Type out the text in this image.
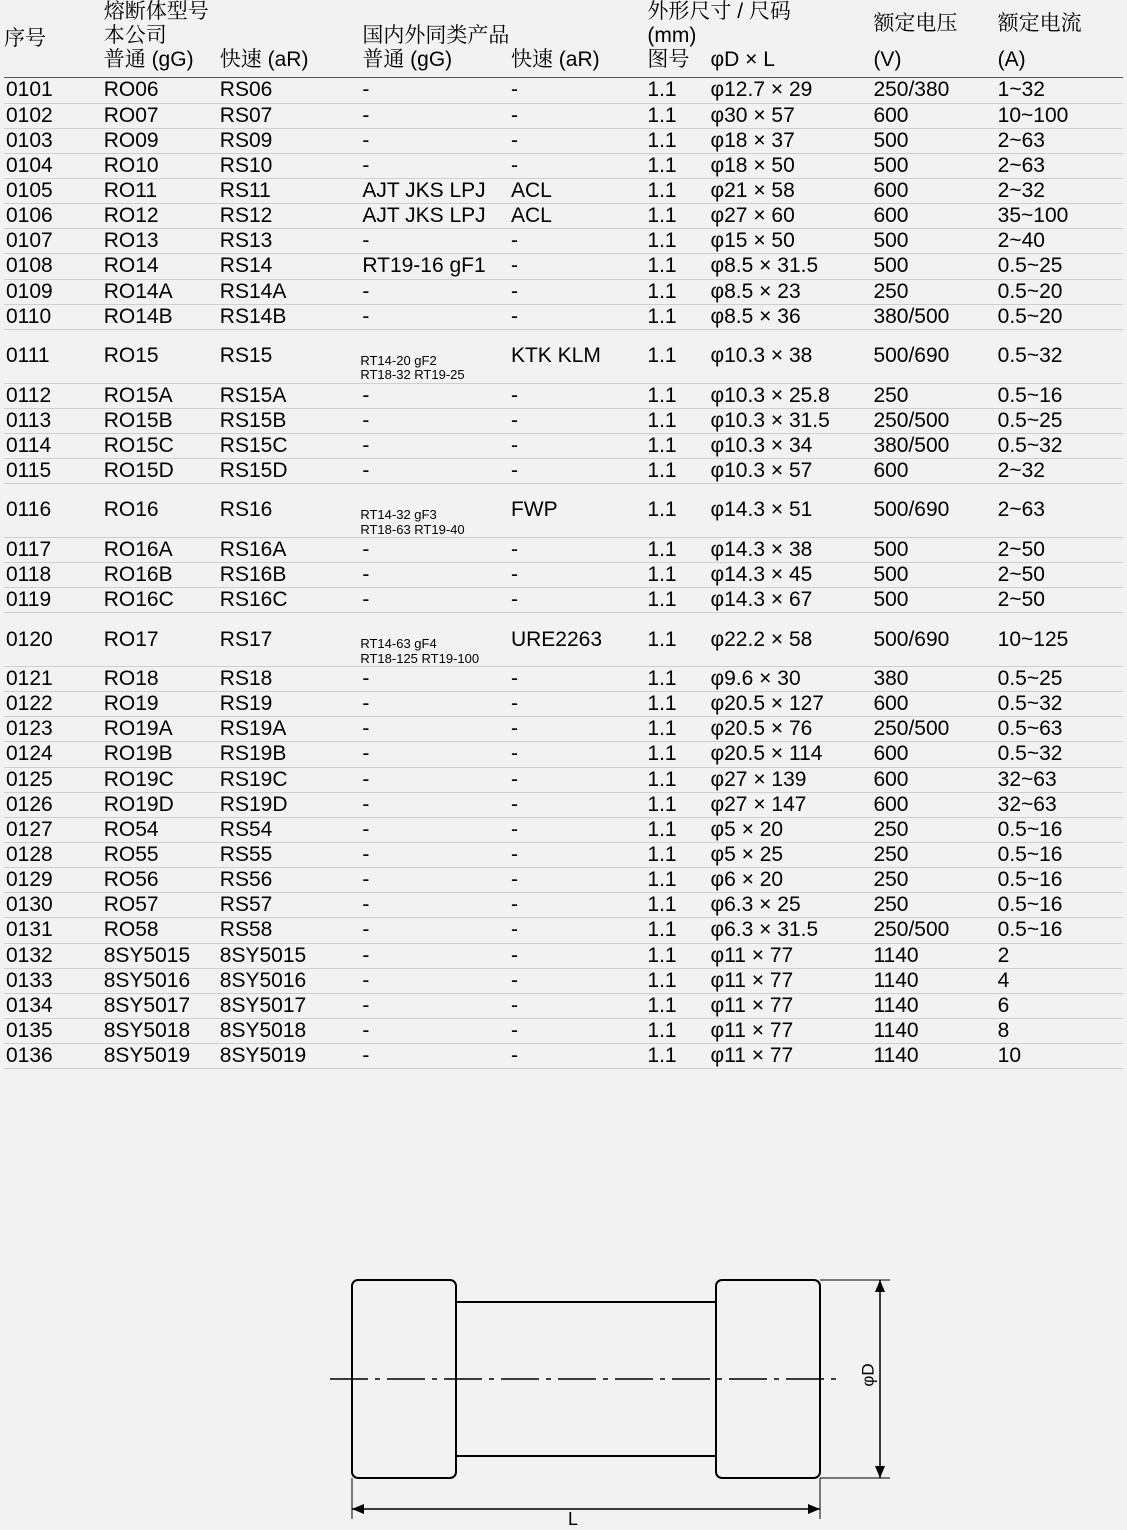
序号	熔断体型号				外形尺寸 / 尺码		额定电压	额定电流
	本公司		国内外同类产品		(mm)			
	普通 (gG)	快速 (aR)	普通 (gG)	快速 (aR)	图号	φD × L	(V)	(A)
0101	RO06	RS06	-	-	1.1	φ12.7 × 29	250/380	1~32
0102	RO07	RS07	-	-	1.1	φ30 × 57	600	10~100
0103	RO09	RS09	-	-	1.1	φ18 × 37	500	2~63
0104	RO10	RS10	-	-	1.1	φ18 × 50	500	2~63
0105	RO11	RS11	AJT JKS LPJ	ACL	1.1	φ21 × 58	600	2~32
0106	RO12	RS12	AJT JKS LPJ	ACL	1.1	φ27 × 60	600	35~100
0107	RO13	RS13	-	-	1.1	φ15 × 50	500	2~40
0108	RO14	RS14	RT19-16 gF1	-	1.1	φ8.5 × 31.5	500	0.5~25
0109	RO14A	RS14A	-	-	1.1	φ8.5 × 23	250	0.5~20
0110	RO14B	RS14B	-	-	1.1	φ8.5 × 36	380/500	0.5~20
0111	RO15	RS15	RT14-20 gF2
RT18-32 RT19-25	KTK KLM	1.1	φ10.3 × 38	500/690	0.5~32
0112	RO15A	RS15A	-	-	1.1	φ10.3 × 25.8	250	0.5~16
0113	RO15B	RS15B	-	-	1.1	φ10.3 × 31.5	250/500	0.5~25
0114	RO15C	RS15C	-	-	1.1	φ10.3 × 34	380/500	0.5~32
0115	RO15D	RS15D	-	-	1.1	φ10.3 × 57	600	2~32
0116	RO16	RS16	RT14-32 gF3
RT18-63 RT19-40	FWP	1.1	φ14.3 × 51	500/690	2~63
0117	RO16A	RS16A	-	-	1.1	φ14.3 × 38	500	2~50
0118	RO16B	RS16B	-	-	1.1	φ14.3 × 45	500	2~50
0119	RO16C	RS16C	-	-	1.1	φ14.3 × 67	500	2~50
0120	RO17	RS17	RT14-63 gF4
RT18-125 RT19-100	URE2263	1.1	φ22.2 × 58	500/690	10~125
0121	RO18	RS18	-	-	1.1	φ9.6 × 30	380	0.5~25
0122	RO19	RS19	-	-	1.1	φ20.5 × 127	600	0.5~32
0123	RO19A	RS19A	-	-	1.1	φ20.5 × 76	250/500	0.5~63
0124	RO19B	RS19B	-	-	1.1	φ20.5 × 114	600	0.5~32
0125	RO19C	RS19C	-	-	1.1	φ27 × 139	600	32~63
0126	RO19D	RS19D	-	-	1.1	φ27 × 147	600	32~63
0127	RO54	RS54	-	-	1.1	φ5 × 20	250	0.5~16
0128	RO55	RS55	-	-	1.1	φ5 × 25	250	0.5~16
0129	RO56	RS56	-	-	1.1	φ6 × 20	250	0.5~16
0130	RO57	RS57	-	-	1.1	φ6.3 × 25	250	0.5~16
0131	RO58	RS58	-	-	1.1	φ6.3 × 31.5	250/500	0.5~16
0132	8SY5015	8SY5015	-	-	1.1	φ11 × 77	1140	2
0133	8SY5016	8SY5016	-	-	1.1	φ11 × 77	1140	4
0134	8SY5017	8SY5017	-	-	1.1	φ11 × 77	1140	6
0135	8SY5018	8SY5018	-	-	1.1	φ11 × 77	1140	8
0136	8SY5019	8SY5019	-	-	1.1	φ11 × 77	1140	10
φD
L
